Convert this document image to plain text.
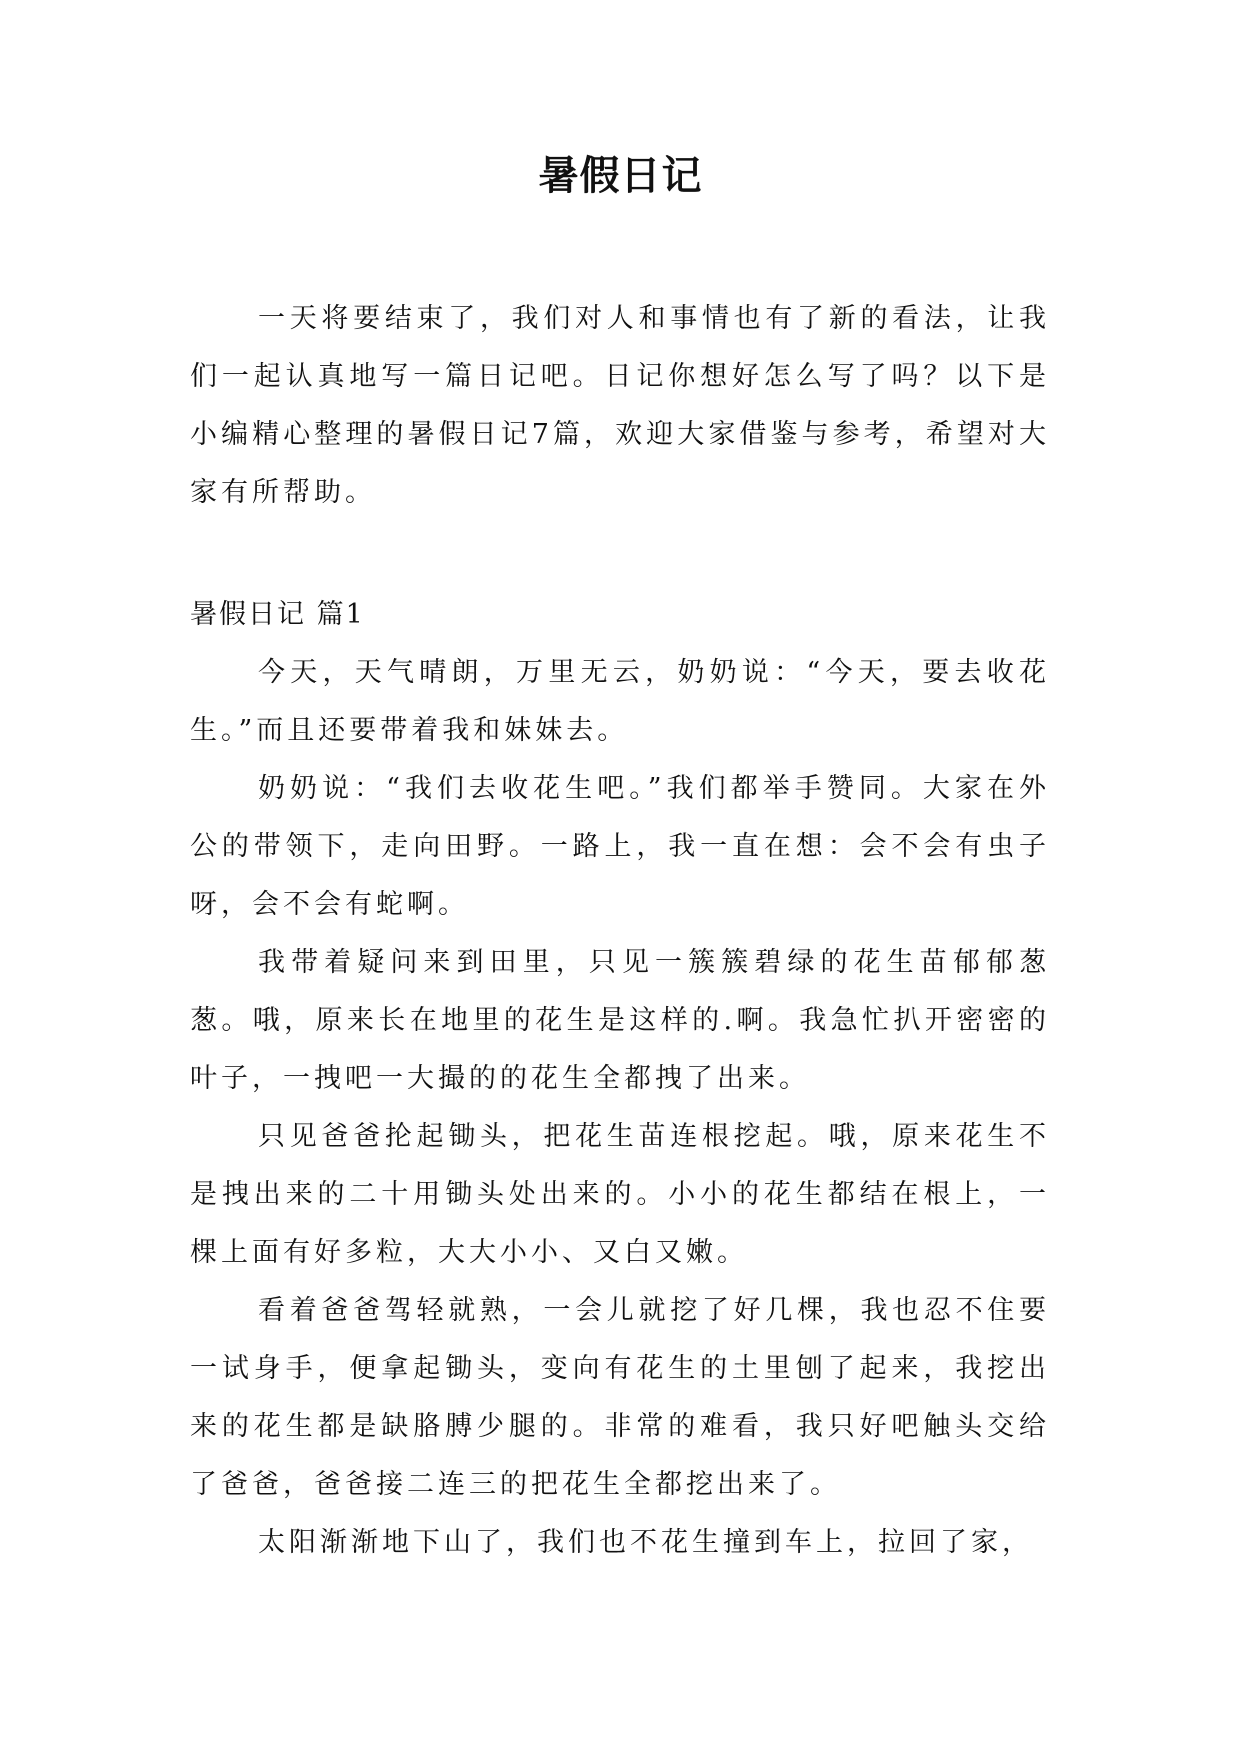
暑假日记

一天将要结束了，我们对人和事情也有了新的看法，让我们一起认真地写一篇日记吧。日记你想好怎么写了吗？以下是小编精心整理的暑假日记7篇，欢迎大家借鉴与参考，希望对大家有所帮助。

暑假日记 篇1

今天，天气晴朗，万里无云，奶奶说：“今天，要去收花生。”而且还要带着我和妹妹去。

奶奶说：“我们去收花生吧。”我们都举手赞同。大家在外公的带领下，走向田野。一路上，我一直在想：会不会有虫子呀，会不会有蛇啊。

我带着疑问来到田里，只见一簇簇碧绿的花生苗郁郁葱葱。哦，原来长在地里的花生是这样的.啊。我急忙扒开密密的叶子，一拽吧一大撮的的花生全都拽了出来。

只见爸爸抡起锄头，把花生苗连根挖起。哦，原来花生不是拽出来的二十用锄头处出来的。小小的花生都结在根上，一棵上面有好多粒，大大小小、又白又嫩。

看着爸爸驾轻就熟，一会儿就挖了好几棵，我也忍不住要一试身手，便拿起锄头，变向有花生的土里刨了起来，我挖出来的花生都是缺胳膊少腿的。非常的难看，我只好吧触头交给了爸爸，爸爸接二连三的把花生全都挖出来了。

太阳渐渐地下山了，我们也不花生撞到车上，拉回了家，
